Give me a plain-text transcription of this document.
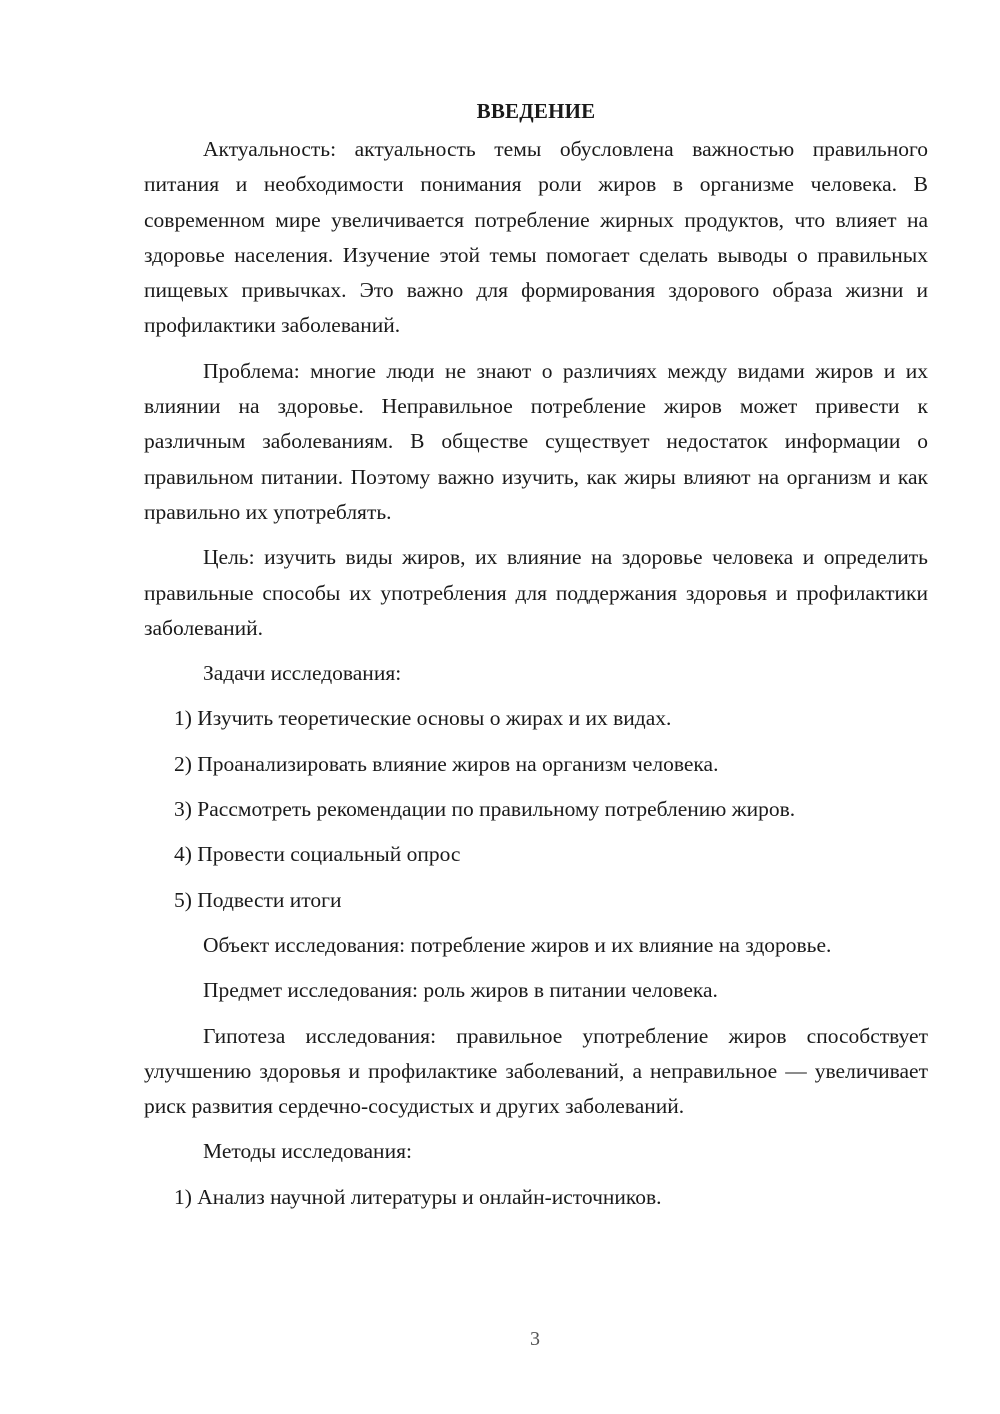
ВВЕДЕНИЕ

Актуальность: актуальность темы обусловлена важностью правильного питания и необходимости понимания роли жиров в организме человека. В современном мире увеличивается потребление жирных продуктов, что влияет на здоровье населения. Изучение этой темы помогает сделать выводы о правильных пищевых привычках. Это важно для формирования здорового образа жизни и профилактики заболеваний.

Проблема: многие люди не знают о различиях между видами жиров и их влиянии на здоровье. Неправильное потребление жиров может привести к различным заболеваниям. В обществе существует недостаток информации о правильном питании. Поэтому важно изучить, как жиры влияют на организм и как правильно их употреблять.

Цель: изучить виды жиров, их влияние на здоровье человека и определить правильные способы их употребления для поддержания здоровья и профилактики заболеваний.

Задачи исследования:

1) Изучить теоретические основы о жирах и их видах.

2) Проанализировать влияние жиров на организм человека.

3) Рассмотреть рекомендации по правильному потреблению жиров.

4) Провести социальный опрос

5) Подвести итоги

Объект исследования: потребление жиров и их влияние на здоровье.

Предмет исследования: роль жиров в питании человека.

Гипотеза исследования: правильное употребление жиров способствует улучшению здоровья и профилактике заболеваний, а неправильное — увеличивает риск развития сердечно-сосудистых и других заболеваний.

Методы исследования:

1) Анализ научной литературы и онлайн-источников.

3
